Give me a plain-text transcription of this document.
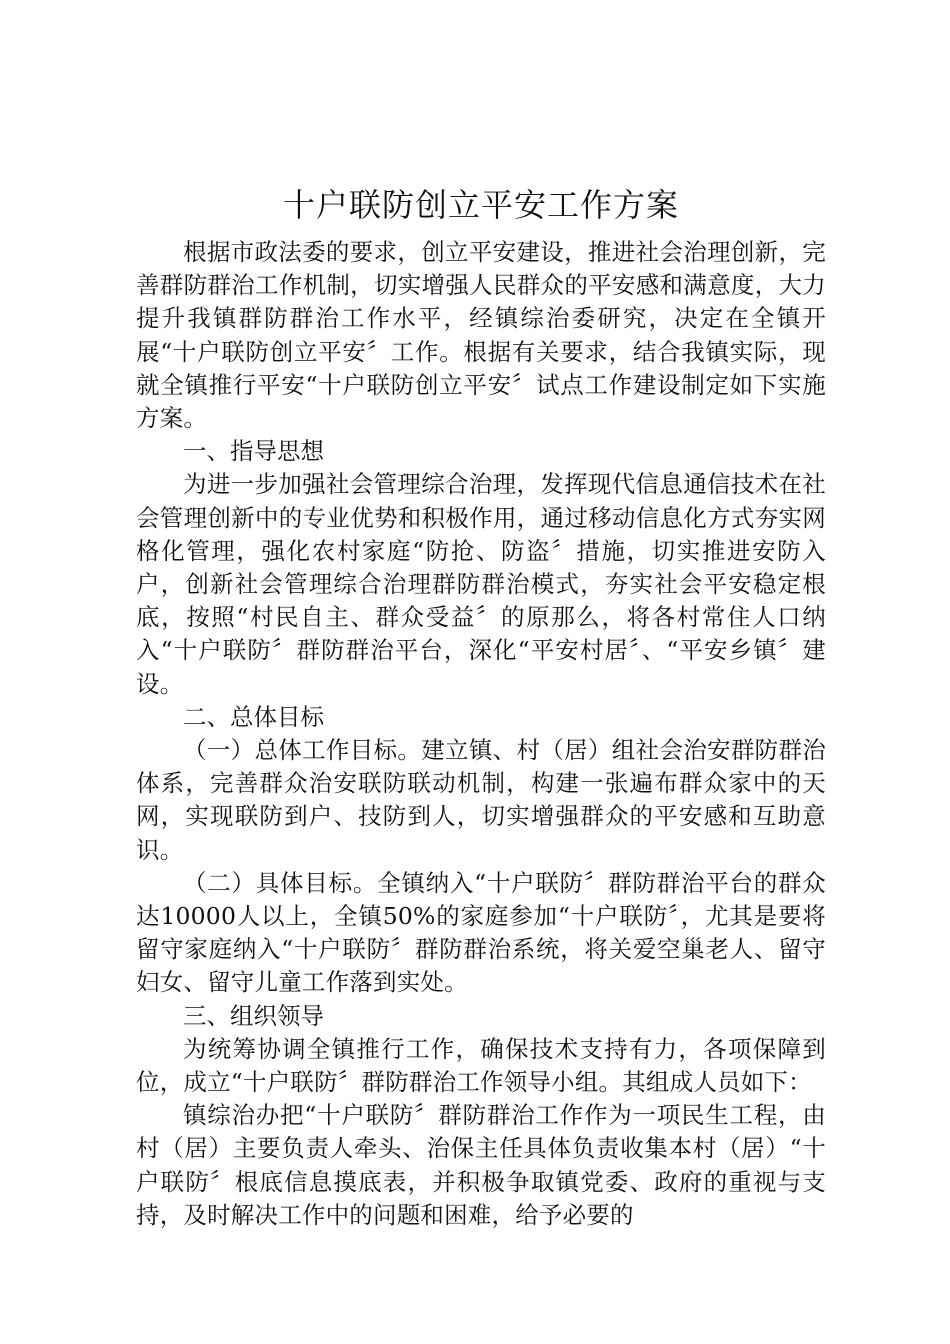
十户联防创立平安工作方案

根据市政法委的要求，创立平安建设，推进社会治理创新，完善群防群治工作机制，切实增强人民群众的平安感和满意度，大力提升我镇群防群治工作水平，经镇综治委研究，决定在全镇开展“十户联防创立平安〞工作。根据有关要求，结合我镇实际，现就全镇推行平安“十户联防创立平安〞试点工作建设制定如下实施方案。

一、指导思想

为进一步加强社会管理综合治理，发挥现代信息通信技术在社会管理创新中的专业优势和积极作用，通过移动信息化方式夯实网格化管理，强化农村家庭“防抢、防盗〞措施，切实推进安防入户，创新社会管理综合治理群防群治模式，夯实社会平安稳定根底，按照“村民自主、群众受益〞的原那么，将各村常住人口纳入“十户联防〞群防群治平台，深化“平安村居〞、“平安乡镇〞建设。

二、总体目标

（一）总体工作目标。建立镇、村（居）组社会治安群防群治体系，完善群众治安联防联动机制，构建一张遍布群众家中的天网，实现联防到户、技防到人，切实增强群众的平安感和互助意识。

（二）具体目标。全镇纳入“十户联防〞群防群治平台的群众达10000人以上，全镇50%的家庭参加“十户联防〞，尤其是要将留守家庭纳入“十户联防〞群防群治系统，将关爱空巢老人、留守妇女、留守儿童工作落到实处。

三、组织领导

为统筹协调全镇推行工作，确保技术支持有力，各项保障到位，成立“十户联防〞群防群治工作领导小组。其组成人员如下：

镇综治办把“十户联防〞群防群治工作作为一项民生工程，由村（居）主要负责人牵头、治保主任具体负责收集本村（居）“十户联防〞根底信息摸底表，并积极争取镇党委、政府的重视与支持，及时解决工作中的问题和困难，给予必要的
